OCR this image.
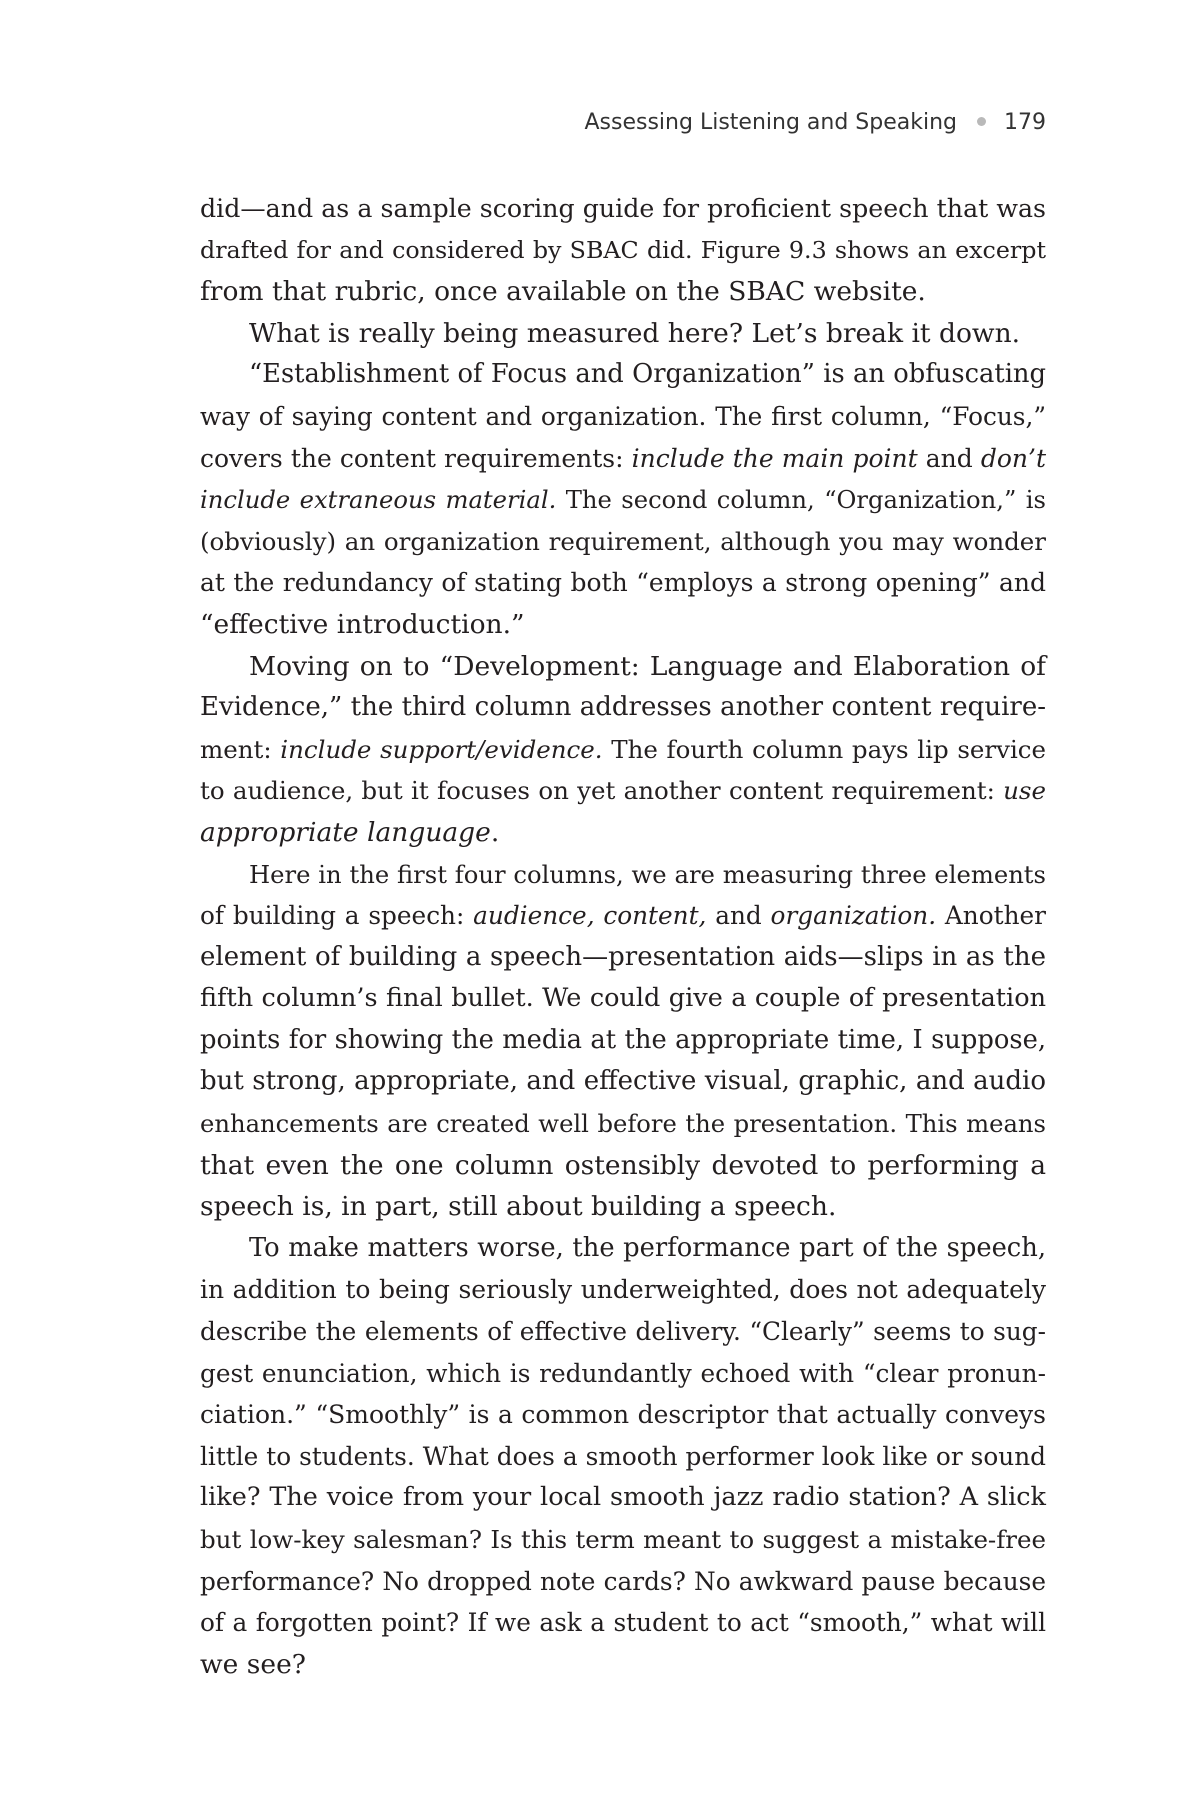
Assessing Listening and Speaking 179
did—and as a sample scoring guide for proficient speech that was
drafted for and considered by SBAC did. Figure 9.3 shows an excerpt
from that rubric, once available on the SBAC website.
What is really being measured here? Let’s break it down.
“Establishment of Focus and Organization” is an obfuscating
way of saying content and organization. The first column, “Focus,”
covers the content requirements: include the main point and don’t
include extraneous material. The second column, “Organization,” is
(obviously) an organization requirement, although you may wonder
at the redundancy of stating both “employs a strong opening” and
“effective introduction.”
Moving on to “Development: Language and Elaboration of
Evidence,” the third column addresses another content require-
ment: include support/evidence. The fourth column pays lip service
to audience, but it focuses on yet another content requirement: use
appropriate language.
Here in the first four columns, we are measuring three elements
of building a speech: audience, content, and organization. Another
element of building a speech—presentation aids—slips in as the
fifth column’s final bullet. We could give a couple of presentation
points for showing the media at the appropriate time, I suppose,
but strong, appropriate, and effective visual, graphic, and audio
enhancements are created well before the presentation. This means
that even the one column ostensibly devoted to performing a
speech is, in part, still about building a speech.
To make matters worse, the performance part of the speech,
in addition to being seriously underweighted, does not adequately
describe the elements of effective delivery. “Clearly” seems to sug-
gest enunciation, which is redundantly echoed with “clear pronun-
ciation.” “Smoothly” is a common descriptor that actually conveys
little to students. What does a smooth performer look like or sound
like? The voice from your local smooth jazz radio station? A slick
but low-key salesman? Is this term meant to suggest a mistake-free
performance? No dropped note cards? No awkward pause because
of a forgotten point? If we ask a student to act “smooth,” what will
we see?
